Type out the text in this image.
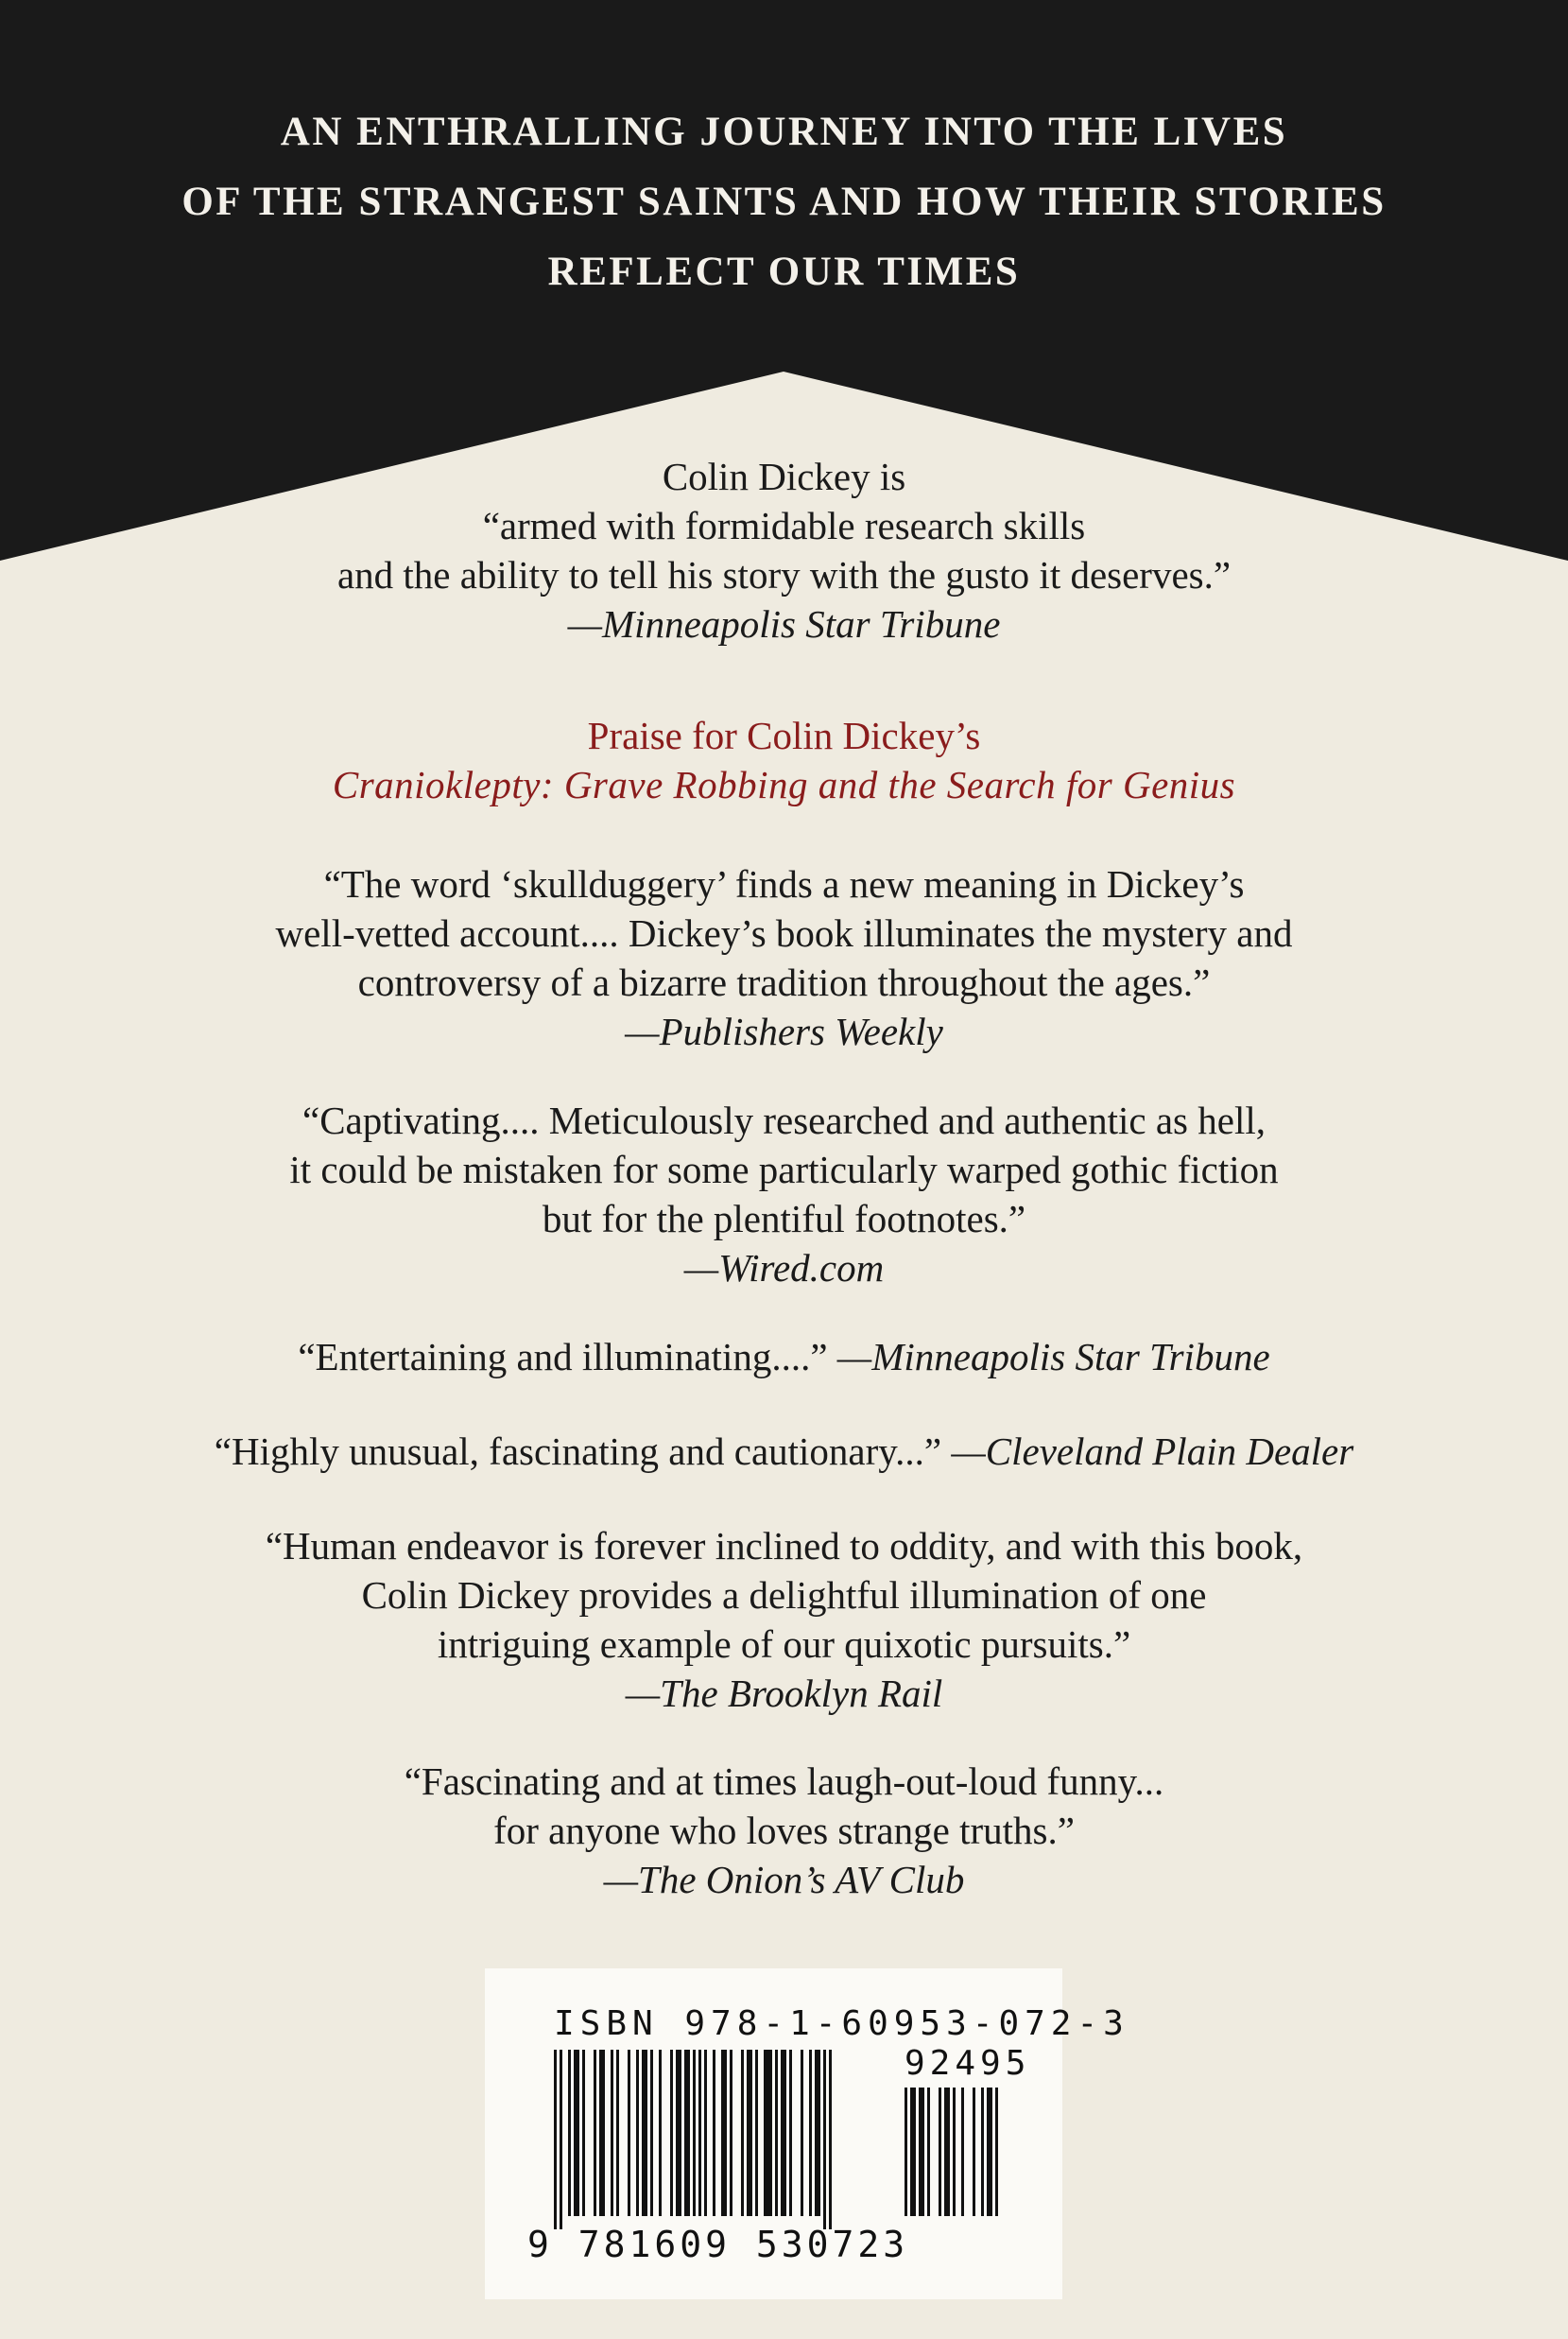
AN ENTHRALLING JOURNEY INTO THE LIVES
OF THE STRANGEST SAINTS AND HOW THEIR STORIES
REFLECT OUR TIMES
Colin Dickey is
“armed with formidable research skills
and the ability to tell his story with the gusto it deserves.”
—Minneapolis Star Tribune
Praise for Colin Dickey’s
Cranioklepty: Grave Robbing and the Search for Genius
“The word ‘skullduggery’ finds a new meaning in Dickey’s
well-vetted account.... Dickey’s book illuminates the mystery and
controversy of a bizarre tradition throughout the ages.”
—Publishers Weekly
“Captivating.... Meticulously researched and authentic as hell,
it could be mistaken for some particularly warped gothic fiction
but for the plentiful footnotes.”
—Wired.com
“Entertaining and illuminating....” —Minneapolis Star Tribune
“Highly unusual, fascinating and cautionary...” —Cleveland Plain Dealer
“Human endeavor is forever inclined to oddity, and with this book,
Colin Dickey provides a delightful illumination of one
intriguing example of our quixotic pursuits.”
—The Brooklyn Rail
“Fascinating and at times laugh-out-loud funny...
for anyone who loves strange truths.”
—The Onion’s AV Club
ISBN 978-1-60953-072-3
92495
9 781609 530723
